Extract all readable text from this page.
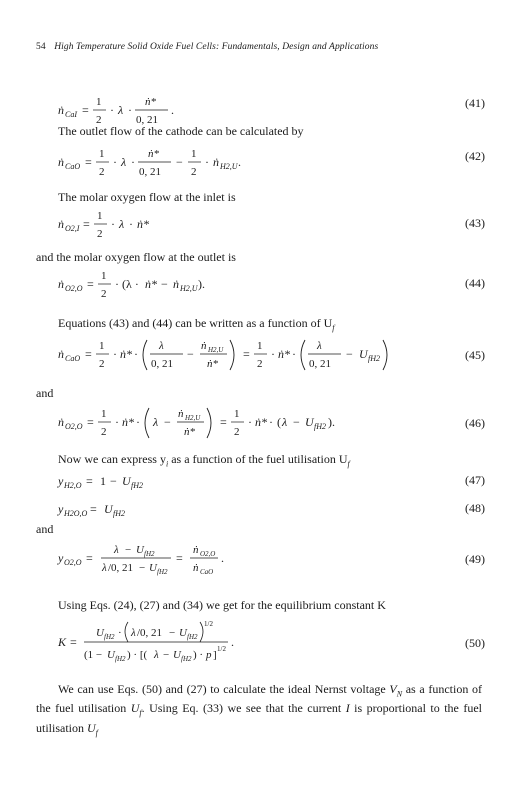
54 High Temperature Solid Oxide Fuel Cells: Fundamentals, Design and Applications
ṅ CaI =
1
2
· λ ·
ṅ*
0, 21
.	(41)
The outlet flow of the cathode can be calculated by
ṅ CaO =
1
2
· λ ·
ṅ*
0, 21
−
1
2
· ṅ H2,U .	(42)
The molar oxygen flow at the inlet is
ṅ O2,I =
1
2
· λ · ṅ*	(43)
and the molar oxygen flow at the outlet is
ṅ O2,O =
1
2
· (λ · ṅ* − ṅ H2,U ).	(44)
Equations (43) and (44) can be written as a function of $U_f$
ṅ CaO =
1
2
· ṅ* ·
λ
0, 21
−
ṅ H2,U
ṅ*
=
1
2
· ṅ* ·
λ
0, 21
− U fH2	(45)
and
ṅ O2,O =
1
2
· ṅ* · λ −
ṅ H2,U
ṅ*
=
1
2
· ṅ* · ( λ − U fH2 ).	(46)
Now we can express $y_i$ as a function of the fuel utilisation $U_f$
y H2,O = 1 − U fH2	(47)
y H2O,O = U fH2	(48)
and
y O2,O =
λ − U fH2
λ /0, 21 − U fH2
=
ṅ O2,O
ṅ CaO
.	(49)
Using Eqs. (24), (27) and (34) we get for the equilibrium constant K
K =
U fH2 · λ /0, 21 − U fH2
1/2
(1 − U fH2 ) · [( λ − U fH2 ) · p ] 1/2 .	(50)
We can use Eqs. (50) and (27) to calculate the ideal Nernst voltage $V_N$ as a function of the fuel utilisation $U_f$. Using Eq. (33) we see that the current I is proportional to the fuel utilisation $U_f$
